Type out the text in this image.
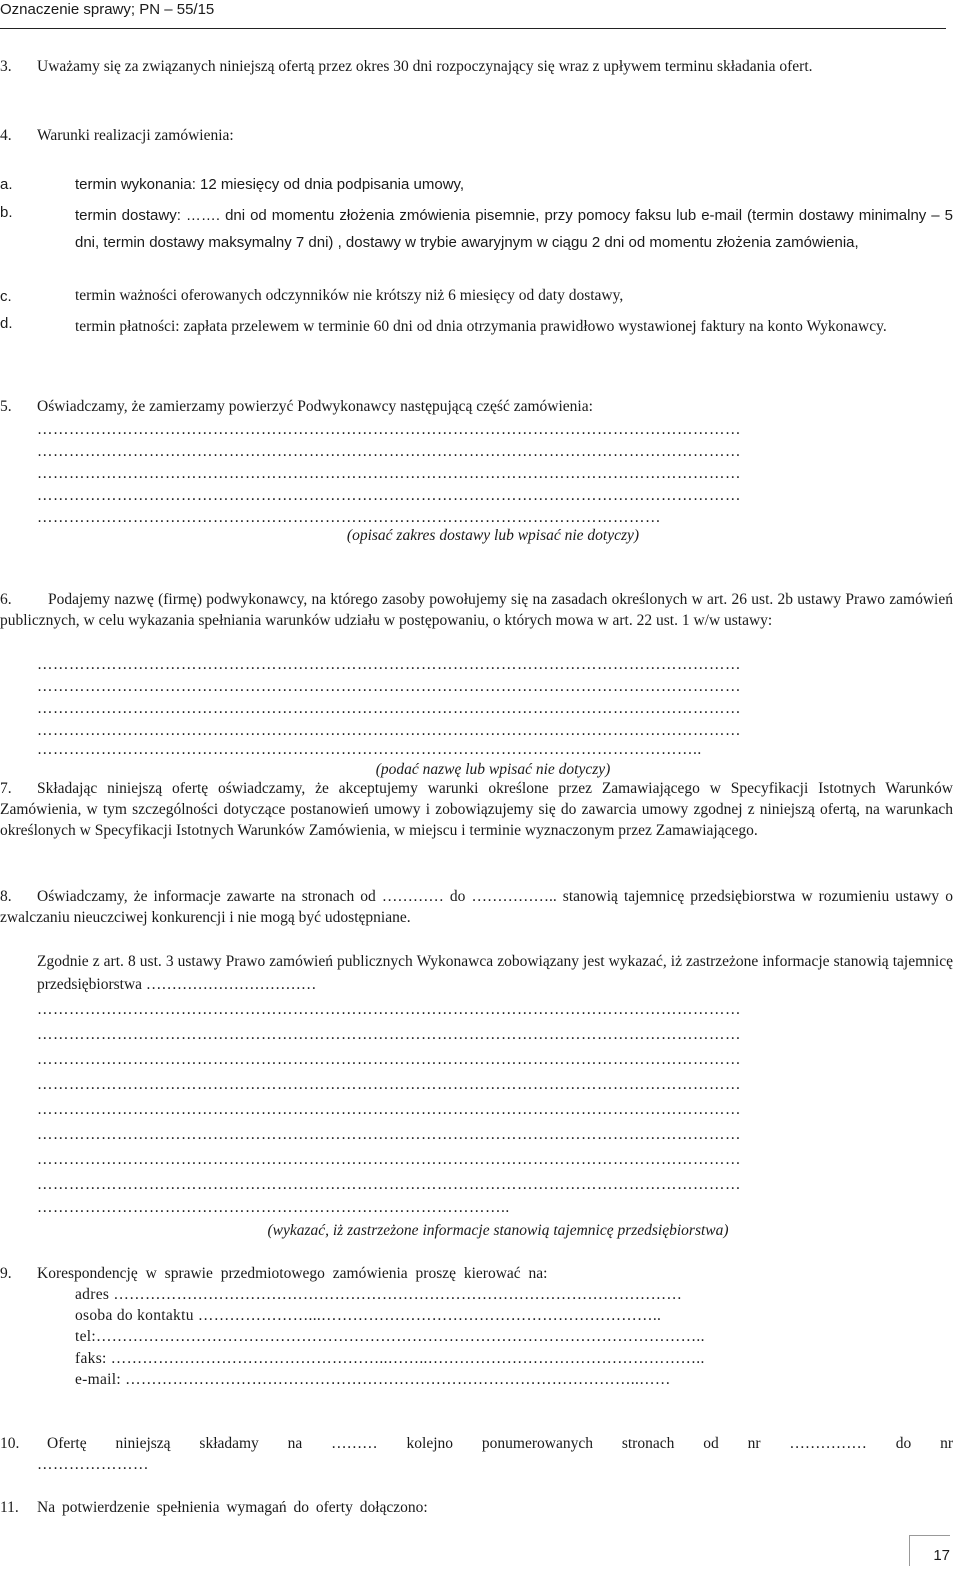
Oznaczenie sprawy; PN – 55/15
3. Uważamy się za związanych niniejszą ofertą przez okres 30 dni rozpoczynający się wraz z upływem terminu składania ofert.
4. Warunki realizacji zamówienia:
a.	termin wykonania: 12 miesięcy od dnia podpisania umowy,
b.	termin dostawy: ……. dni od momentu złożenia zmówienia pisemnie, przy pomocy faksu lub e-mail (termin dostawy minimalny – 5 dni, termin dostawy maksymalny 7 dni) , dostawy w trybie awaryjnym w ciągu 2 dni od momentu złożenia zamówienia,
c.	termin ważności oferowanych odczynników nie krótszy niż 6 miesięcy od daty dostawy,
d.	termin płatności: zapłata przelewem w terminie 60 dni od dnia otrzymania prawidłowo wystawionej faktury na konto Wykonawcy.
5. Oświadczamy, że zamierzamy powierzyć Podwykonawcy następującą część zamówienia:
……………………………………………………………………………………………………………………
……………………………………………………………………………………………………………………
……………………………………………………………………………………………………………………
……………………………………………………………………………………………………………………
………………………………………………………………………………………………………
(opisać zakres dostawy lub wpisać nie dotyczy)
6.	Podajemy nazwę (firmę) podwykonawcy, na którego zasoby powołujemy się na zasadach określonych w art. 26 ust. 2b ustawy Prawo zamówień publicznych, w celu wykazania spełniania warunków udziału w postępowaniu, o których mowa w art. 22 ust. 1 w/w ustawy:
……………………………………………………………………………………………………………………
……………………………………………………………………………………………………………………
……………………………………………………………………………………………………………………
……………………………………………………………………………………………………………………
……………………………………………………………………………………………………………..
(podać nazwę lub wpisać nie dotyczy)
7.	Składając niniejszą ofertę oświadczamy, że akceptujemy warunki określone przez Zamawiającego w Specyfikacji Istotnych Warunków Zamówienia, w tym szczególności dotyczące postanowień umowy i zobowiązujemy się do zawarcia umowy zgodnej z niniejszą ofertą, na warunkach określonych w Specyfikacji Istotnych Warunków Zamówienia, w miejscu i terminie wyznaczonym przez Zamawiającego.
8.	Oświadczamy, że informacje zawarte na stronach od ………… do …………….. stanowią tajemnicę przedsiębiorstwa w rozumieniu ustawy o zwalczaniu nieuczciwej konkurencji i nie mogą być udostępniane.
Zgodnie z art. 8 ust. 3 ustawy Prawo zamówień publicznych Wykonawca zobowiązany jest wykazać, iż zastrzeżone informacje stanowią tajemnicę przedsiębiorstwa ……………………………
……………………………………………………………………………………………………………………
……………………………………………………………………………………………………………………
……………………………………………………………………………………………………………………
……………………………………………………………………………………………………………………
……………………………………………………………………………………………………………………
……………………………………………………………………………………………………………………
……………………………………………………………………………………………………………………
……………………………………………………………………………………………………………………
……………………………………………………………………………..
(wykazać, iż zastrzeżone informacje stanowią tajemnicę przedsiębiorstwa)
9. Korespondencję w sprawie przedmiotowego zamówienia proszę kierować na:
adres ………………………………………………………………………………………………
osoba do kontaktu …………………...………………………………………………………..
tel:……………………………………………………………………………………………………..
faks: ……………………………………………..……..……………………………………………..
e-mail: ……………………………………………………………………………………..……
10. Ofertę niniejszą składamy na ……… kolejno ponumerowanych stronach od nr …………… do nr
…………………
11. Na potwierdzenie spełnienia wymagań do oferty dołączono:
17
